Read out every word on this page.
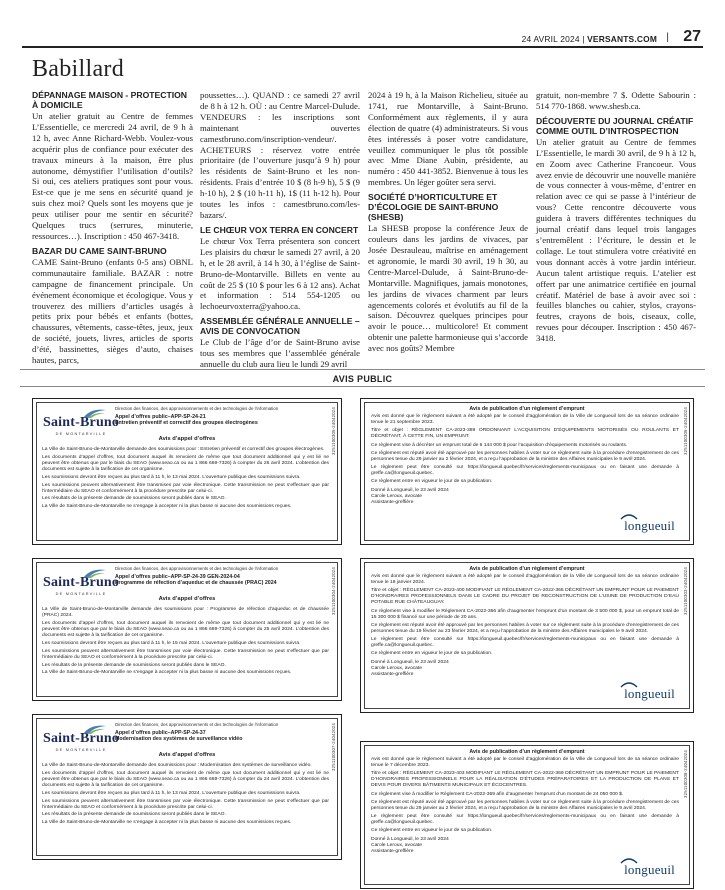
24 AVRIL 2024 | VERSANTS.COM | 27
Babillard
DÉPANNAGE MAISON - PROTECTION À DOMICILE

Un atelier gratuit au Centre de femmes L’Essentielle, ce mercredi 24 avril, de 9 h à 12 h, avec Anne Richard-Webb. Voulez-vous acquérir plus de confiance pour exécuter des travaux mineurs à la maison, être plus autonome, démystifier l’utilisation d’outils? Si oui, ces ateliers pratiques sont pour vous. Est-ce que je me sens en sécurité quand je suis chez moi? Quels sont les moyens que je peux utiliser pour me sentir en sécurité? Quelques trucs (serrures, minuterie, ressources…). Inscription : 450 467-3418.

BAZAR DU CAME SAINT-BRUNO

CAME Saint-Bruno (enfants 0-5 ans) OBNL communautaire familiale. BAZAR : notre campagne de financement principale. Un événement économique et écologique. Vous y trouverez des milliers d’articles usagés à petits prix pour bébés et enfants (bottes, chaussures, vêtements, casse-têtes, jeux, jeux de société, jouets, livres, articles de sports d’été, bassinettes, sièges d’auto, chaises hautes, parcs,

poussettes…). QUAND : ce samedi 27 avril de 8 h à 12 h. OÙ : au Centre Marcel-Dulude. VENDEURS : les inscriptions sont maintenant ouvertes camestbruno.com/inscription-vendeur/. ACHETEURS : réservez votre entrée prioritaire (de l’ouverture jusqu’à 9 h) pour les résidents de Saint-Bruno et les non-résidents. Frais d’entrée 10 $ (8 h-9 h), 5 $ (9 h-10 h), 2 $ (10 h-11 h), 1$ (11 h-12 h). Pour toutes les infos : camestbruno.com/les-bazars/.

LE CHŒUR VOX TERRA EN CONCERT

Le chœur Vox Terra présentera son concert Les plaisirs du chœur le samedi 27 avril, à 20 h, et le 28 avril, à 14 h 30, à l’église de Saint-Bruno-de-Montarville. Billets en vente au coût de 25 $ (10 $ pour les 6 à 12 ans). Achat et information : 514 554-1205 ou lechoeurvoxterra@yahoo.ca.

ASSEMBLÉE GÉNÉRALE ANNUELLE – AVIS DE CONVOCATION

Le Club de l’âge d’or de Saint-Bruno avise tous ses membres que l’assemblée générale annuelle du club aura lieu le lundi 29 avril

2024 à 19 h, à la Maison Richelieu, située au 1741, rue Montarville, à Saint-Bruno. Conformément aux règlements, il y aura élection de quatre (4) administrateurs. Si vous êtes intéressés à poser votre candidature, veuillez communiquer le plus tôt possible avec Mme Diane Aubin, présidente, au numéro : 450 441-3852. Bienvenue à tous les membres. Un léger goûter sera servi.

SOCIÉTÉ D’HORTICULTURE ET D’ÉCOLOGIE DE SAINT-BRUNO (SHESB)

La SHESB propose la conférence Jeux de couleurs dans les jardins de vivaces, par Josée Desrauleau, maîtrise en aménagement et agronomie, le mardi 30 avril, 19 h 30, au Centre-Marcel-Dulude, à Saint-Bruno-de-Montarville. Magnifiques, jamais monotones, les jardins de vivaces charment par leurs agencements colorés et évolutifs au fil de la saison. Découvrez quelques principes pour avoir le pouce… multicolore! Et comment obtenir une palette harmonieuse qui s’accorde avec nos goûts? Membre

gratuit, non-membre 7 $. Odette Sabourin : 514 770-1868. www.shesb.ca.

DÉCOUVERTE DU JOURNAL CRÉATIF COMME OUTIL D’INTROSPECTION

Un atelier gratuit au Centre de femmes L’Essentielle, le mardi 30 avril, de 9 h à 12 h, en Zoom avec Catherine Francoeur. Vous avez envie de découvrir une nouvelle manière de vous connecter à vous-même, d’entrer en relation avec ce qui se passe à l’intérieur de vous? Cette rencontre découverte vous guidera à travers différentes techniques du journal créatif dans lequel trois langages s’entremêlent : l’écriture, le dessin et le collage. Le tout stimulera votre créativité en vous donnant accès à votre jardin intérieur. Aucun talent artistique requis. L’atelier est offert par une animatrice certifiée en journal créatif. Matériel de base à avoir avec soi : feuilles blanches ou cahier, stylos, crayons-feutres, crayons de bois, ciseaux, colle, revues pour découper. Inscription : 450 467-3418.

AVIS PUBLIC
3251100305-24042024
Saint-Bruno
DE MONTARVILLE
Direction des finances, des approvisionnements et des technologies de l’information
Appel d’offres public–APP-SP-24-21
Entretien préventif et correctif des groupes électrogènes
Avis d’appel d’offres

La Ville de Saint-Bruno-de-Montarville demande des soumissions pour : Entretien préventif et correctif des groupes électrogènes.

Les documents d’appel d’offres, tout document auquel ils renvoient de même que tout document additionnel qui y est lié ne peuvent être obtenus que par le biais du SEAO (www.seao.ca ou au 1 866 669-7326) à compter du 26 avril 2024. L’obtention des documents est sujette à la tarification de cet organisme.

Les soumissions devront être reçues au plus tard à 11 h, le 13 mai 2024. L’ouverture publique des soumissions suivra.

Les soumissions peuvent alternativement être transmises par voie électronique. Cette transmission ne peut s’effectuer que par l’intermédiaire du SEAO et conformément à la procédure prescrite par celui-ci.

Les résultats de la présente demande de soumissions seront publiés dans le SEAO.

La Ville de Saint-Bruno-de-Montarville ne s’engage à accepter ni la plus basse ni aucune des soumissions reçues.

3251100304-24042024
Saint-Bruno
DE MONTARVILLE
Direction des finances, des approvisionnements et des technologies de l’information
Appel d’offres public–APP-SP-24-39 GEN-2024-04
Programme de réfection d’aqueduc et de chaussée (PRAC) 2024
Avis d’appel d’offres

La Ville de Saint-Bruno-de-Montarville demande des soumissions pour : Programme de réfection d’aqueduc et de chaussée (PRAC) 2024.

Les documents d’appel d’offres, tout document auquel ils renvoient de même que tout document additionnel qui y est lié ne peuvent être obtenus que par le biais du SEAO (www.seao.ca ou au 1 866 669-7326) à compter du 25 avril 2024. L’obtention des documents est sujette à la tarification de cet organisme.

Les soumissions devront être reçues au plus tard à 11 h, le 15 mai 2024. L’ouverture publique des soumissions suivra.

Les soumissions peuvent alternativement être transmises par voie électronique. Cette transmission ne peut s’effectuer que par l’intermédiaire du SEAO et conformément à la procédure prescrite par celui-ci.

Les résultats de la présente demande de soumissions seront publiés dans le SEAO.

La Ville de Saint-Bruno-de-Montarville ne s’engage à accepter ni la plus basse ni aucune des soumissions reçues.

3251100307-24042024
Saint-Bruno
DE MONTARVILLE
Direction des finances, des approvisionnements et des technologies de l’information
Appel d’offres public–APP-SP-24-37
Modernisation des systèmes de surveillance vidéo
Avis d’appel d’offres

La Ville de Saint-Bruno-de-Montarville demande des soumissions pour : Modernisation des systèmes de surveillance vidéo.

Les documents d’appel d’offres, tout document auquel ils renvoient de même que tout document additionnel qui y est lié ne peuvent être obtenus que par le biais du SEAO (www.seao.ca ou au 1 866 669-7326) à compter du 24 avril 2024. L’obtention des documents est sujette à la tarification de cet organisme.

Les soumissions devront être reçues au plus tard à 11 h, le 13 mai 2024. L’ouverture publique des soumissions suivra.

Les soumissions peuvent alternativement être transmises par voie électronique. Cette transmission ne peut s’effectuer que par l’intermédiaire du SEAO et conformément à la procédure prescrite par celui-ci.

Les résultats de la présente demande de soumissions seront publiés dans le SEAO.

La Ville de Saint-Bruno-de-Montarville ne s’engage à accepter ni la plus basse ni aucune des soumissions reçues.

3251100306-24042024
Avis de publication d’un règlement d’emprunt

Avis est donné que le règlement suivant a été adopté par le conseil d’agglomération de la Ville de Longueuil lors de sa séance ordinaire tenue le 21 septembre 2023.

Titre et objet : RÈGLEMENT CA-2023-389 ORDONNANT L’ACQUISITION D’ÉQUIPEMENTS MOTORISÉS OU ROULANTS ET DÉCRÉTANT, À CETTE FIN, UN EMPRUNT.

Ce règlement vise à décréter un emprunt total de 6 144 000 $ pour l’acquisition d’équipements motorisés ou roulants.

Ce règlement est réputé avoir été approuvé par les personnes habiles à voter sur ce règlement suite à la procédure d’enregistrement de ces personnes tenue du 29 janvier au 2 février 2024, et a reçu l’approbation de la ministre des Affaires municipales le 9 avril 2024.

Le règlement peut être consulté sur https://longueuil.quebec/fr/services/reglements-municipaux ou en faisant une demande à greffe.ca@longueuil.quebec.

Ce règlement entre en vigueur le jour de sa publication.

Donné à Longueuil, le 23 avril 2024

Carole Leroux, avocate

Assistante-greffière

longueuil
3251100303-24042024
Avis de publication d’un règlement d’emprunt

Avis est donné que le règlement suivant a été adopté par le conseil d’agglomération de la Ville de Longueuil lors de sa séance ordinaire tenue le 18 janvier 2024.

Titre et objet : RÈGLEMENT CA-2023-400 MODIFIANT LE RÈGLEMENT CA-2022-366 DÉCRÉTANT UN EMPRUNT POUR LE PAIEMENT D’HONORAIRES PROFESSIONNELS DANS LE CADRE DU PROJET DE RECONSTRUCTION DE L’USINE DE PRODUCTION D’EAU POTABLE RUE CHÂTEAUGUAY.

Ce règlement vise à modifier le Règlement CA-2022-366 afin d’augmenter l’emprunt d’un montant de 3 500 000 $, pour un emprunt total de 15 300 000 $ financé sur une période de 20 ans.

Ce règlement est réputé avoir été approuvé par les personnes habiles à voter sur ce règlement suite à la procédure d’enregistrement de ces personnes tenue du 19 février au 23 février 2024, et a reçu l’approbation de la ministre des Affaires municipales le 9 avril 2024.

Le règlement peut être consulté sur https://longueuil.quebec/fr/services/reglements-municipaux ou en faisant une demande à greffe.ca@longueuil.quebec.

Ce règlement entre en vigueur le jour de sa publication.

Donné à Longueuil, le 23 avril 2024

Carole Leroux, avocate

Assistante-greffière

longueuil
3251100308-24042024
Avis de publication d’un règlement d’emprunt

Avis est donné que le règlement suivant a été adopté par le conseil d’agglomération de la Ville de Longueuil lors de sa séance ordinaire tenue le 7 décembre 2023.

Titre et objet : RÈGLEMENT CA-2023-403 MODIFIANT LE RÈGLEMENT CA-2022-369 DÉCRÉTANT UN EMPRUNT POUR LE PAIEMENT D’HONORAIRES PROFESSIONNELS POUR LA RÉALISATION D’ÉTUDES PRÉPARATOIRES ET LA PRODUCTION DE PLANS ET DEVIS POUR DIVERS BÂTIMENTS MUNICIPAUX ET ÉCOCENTRES.

Ce règlement vise à modifier le Règlement CA-2022-369 afin d’augmenter l’emprunt d’un montant de 24 050 000 $.

Ce règlement est réputé avoir été approuvé par les personnes habiles à voter sur ce règlement suite à la procédure d’enregistrement de ces personnes tenue du 29 janvier au 2 février 2024, et a reçu l’approbation de la ministre des Affaires municipales le 9 avril 2024.

Le règlement peut être consulté sur https://longueuil.quebec/fr/services/reglements-municipaux ou en faisant une demande à greffe.ca@longueuil.quebec.

Ce règlement entre en vigueur le jour de sa publication.

Donné à Longueuil, le 23 avril 2024

Carole Leroux, avocate

Assistante-greffière

longueuil
